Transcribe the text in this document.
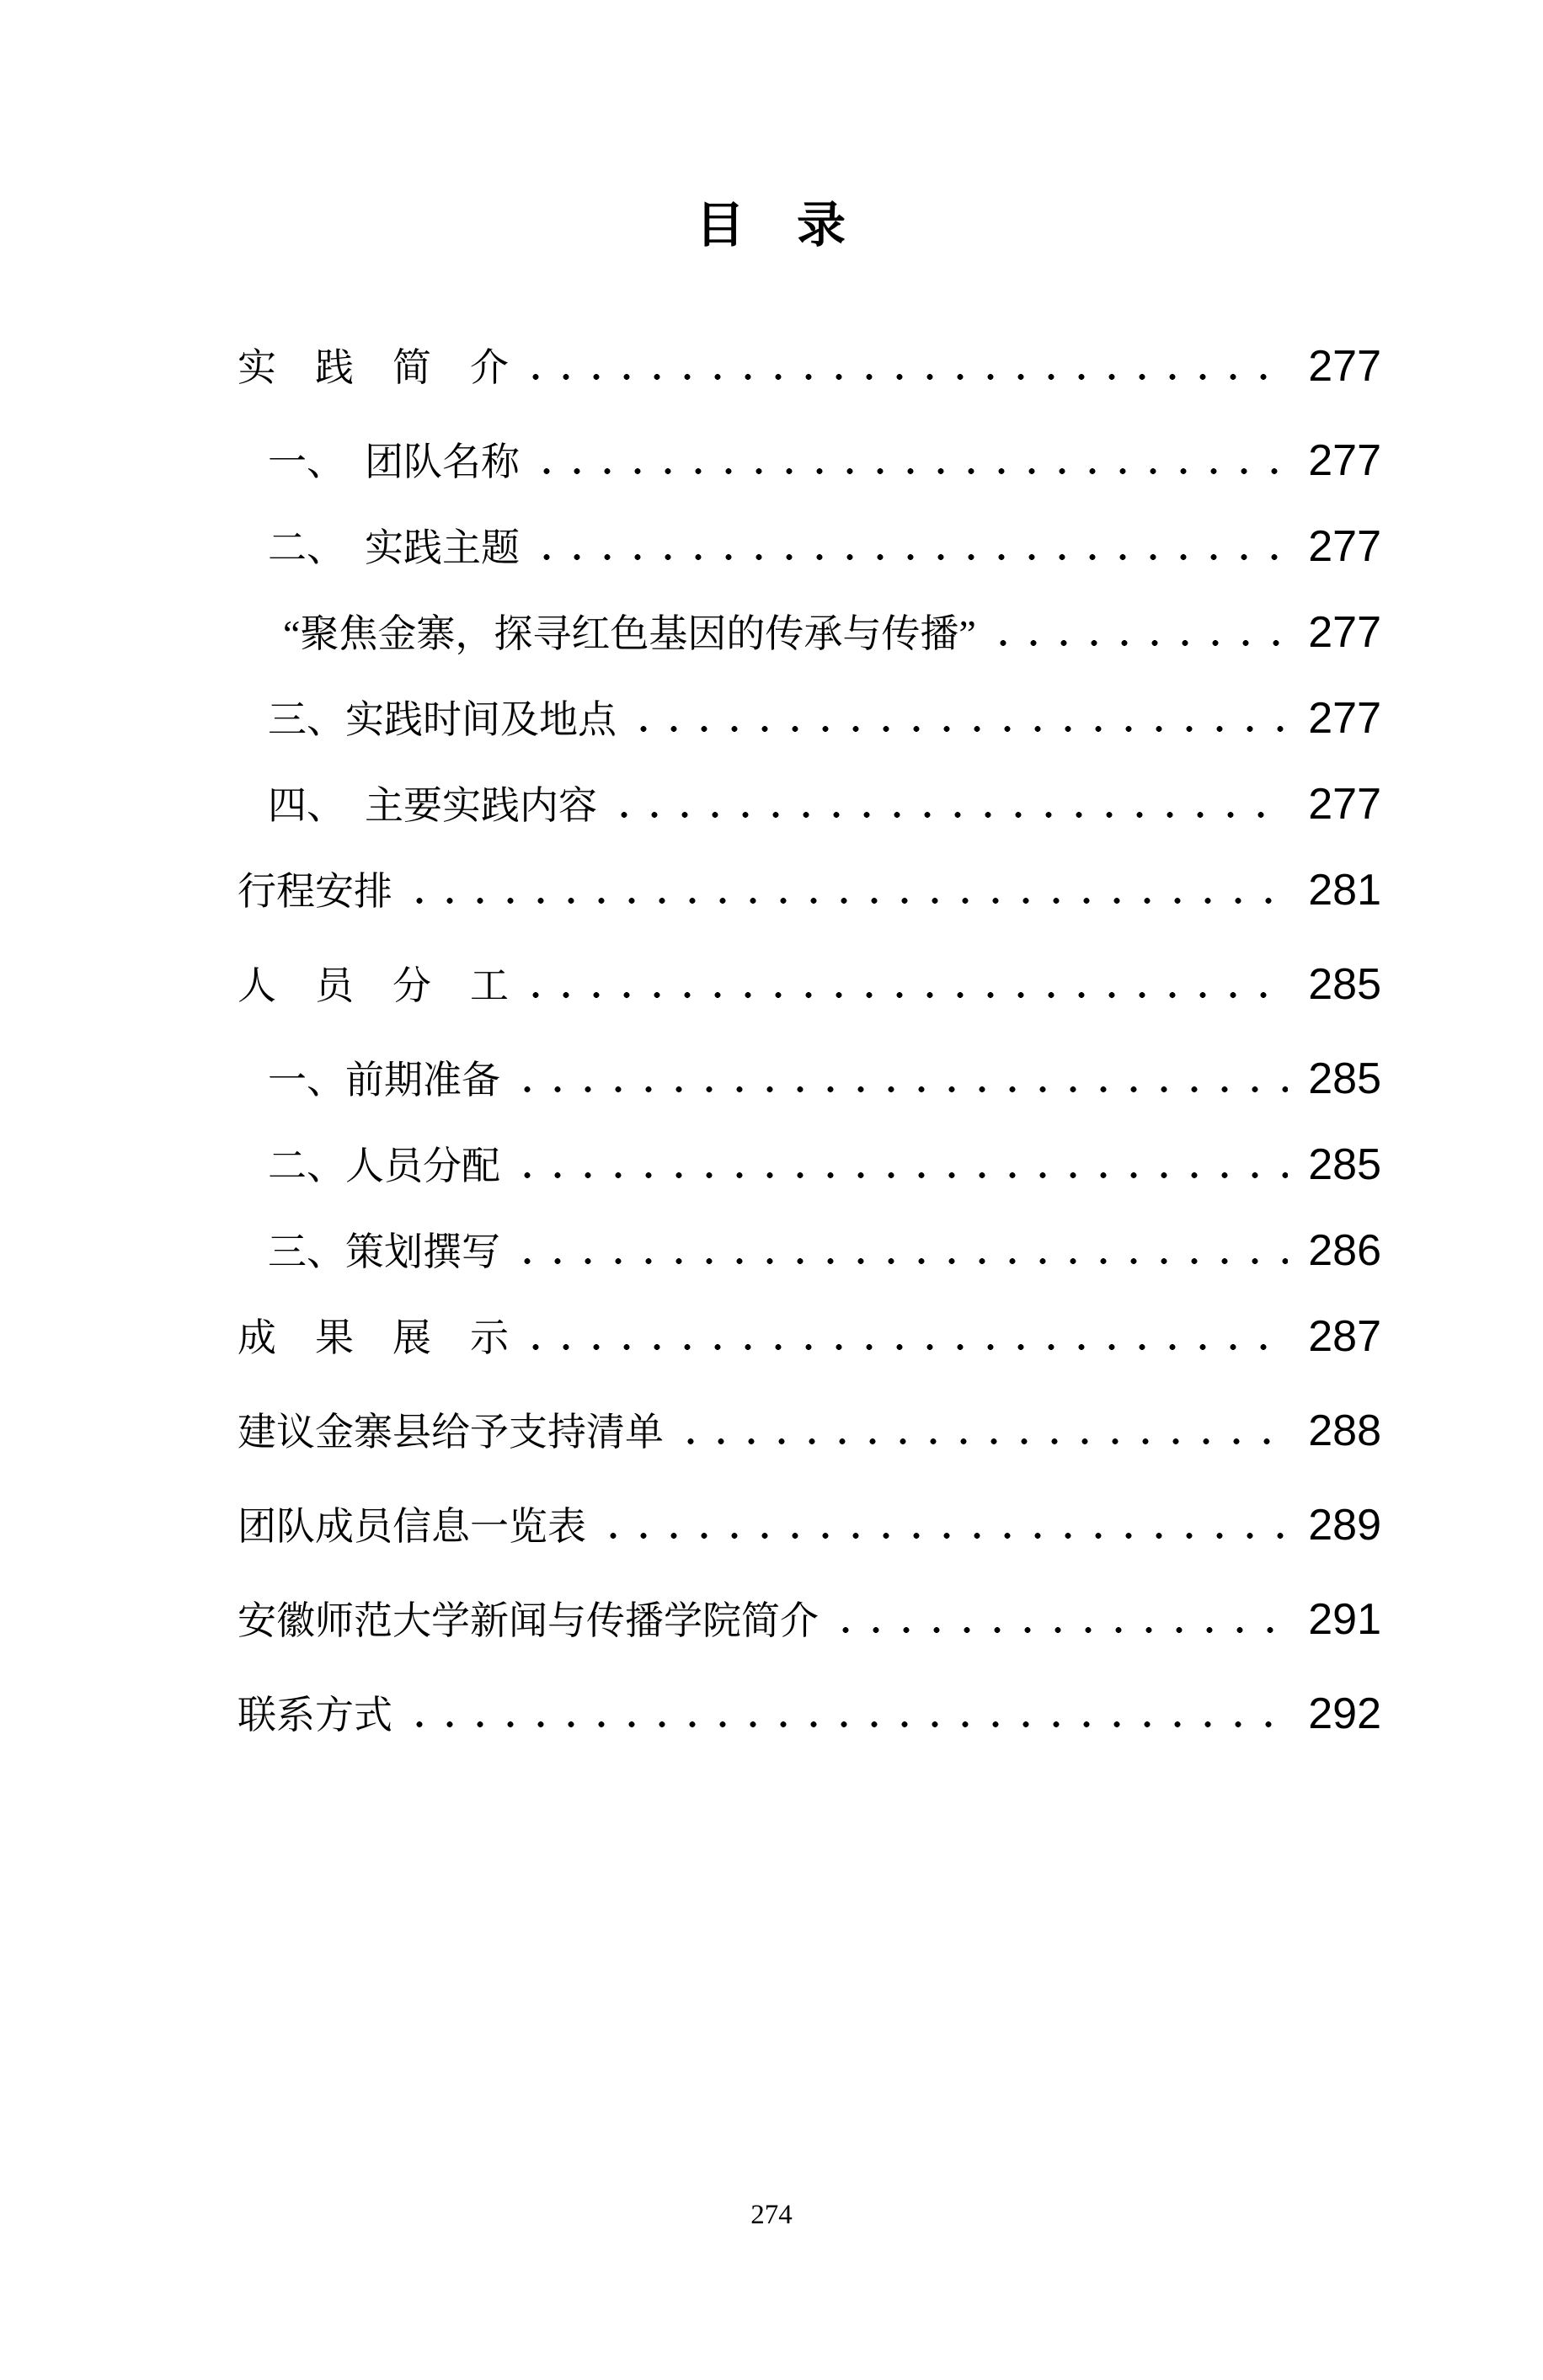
目　录
实　践　简　介	277
一、　团队名称	277
二、　实践主题	277
“聚焦金寨，探寻红色基因的传承与传播”	277
三、实践时间及地点	277
四、　主要实践内容	277
行程安排	281
人　员　分　工	285
一、前期准备	285
二、人员分配	285
三、策划撰写	286
成　果　展　示	287
建议金寨县给予支持清单	288
团队成员信息一览表	289
安徽师范大学新闻与传播学院简介	291
联系方式	292
274
